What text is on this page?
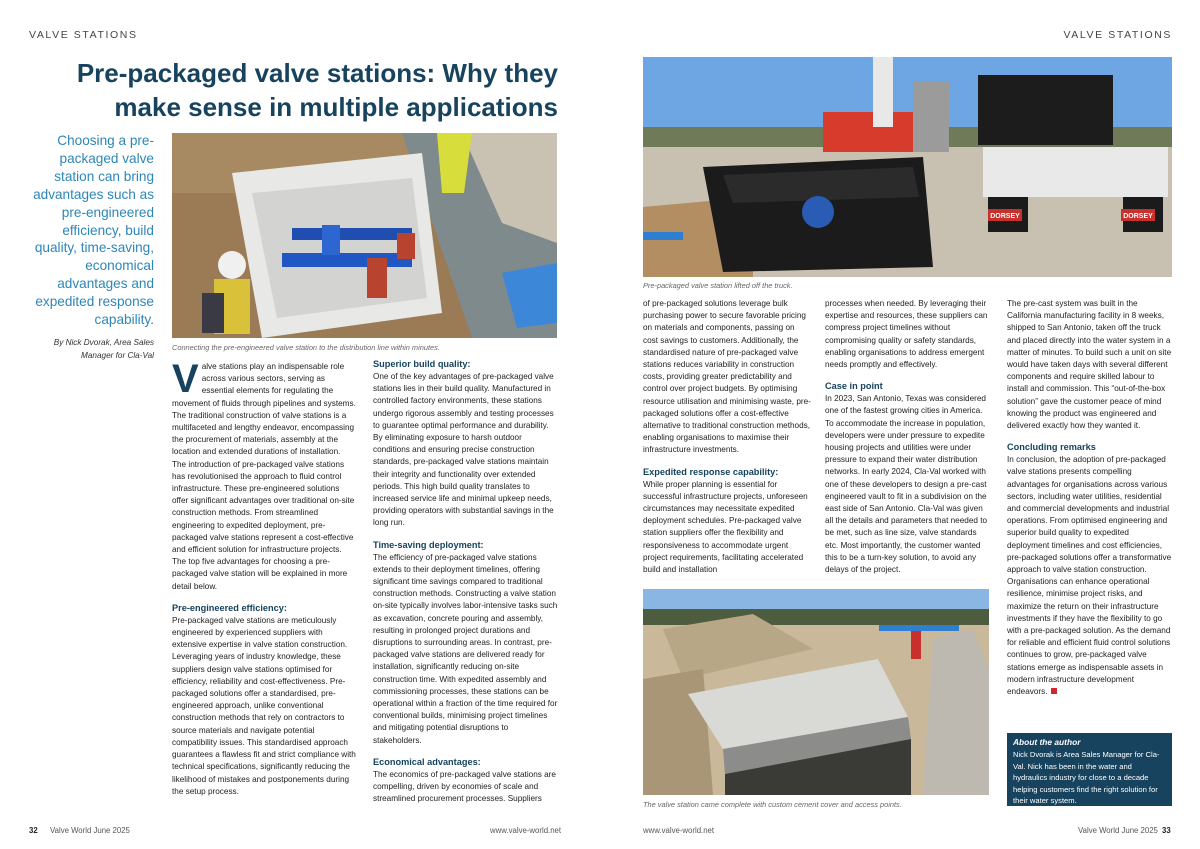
VALVE STATIONS	VALVE STATIONS
Pre-packaged valve stations: Why they make sense in multiple applications
Choosing a pre-packaged valve station can bring advantages such as pre-engineered efficiency, build quality, time-saving, economical advantages and expedited response capability.
By Nick Dvorak, Area Sales Manager for Cla-Val
Connecting the pre-engineered valve station to the distribution line within minutes.
DORSEY	DORSEY
Pre-packaged valve station lifted off the truck.
The valve station came complete with custom cement cover and access points.
V alve stations play an indispensable role across various sectors, serving as essential elements for regulating the movement of fluids through pipelines and systems. The traditional construction of valve stations is a multifaceted and lengthy endeavor, encompassing the procurement of materials, assembly at the location and extended durations of installation.

The introduction of pre-packaged valve stations has revolutionised the approach to fluid control infrastructure. These pre-engineered solutions offer significant advantages over traditional on-site construction methods. From streamlined engineering to expedited deployment, pre-packaged valve stations represent a cost-effective and efficient solution for infrastructure projects. The top five advantages for choosing a pre-packaged valve station will be explained in more detail below.

Pre-engineered efficiency:

Pre-packaged valve stations are meticulously engineered by experienced suppliers with extensive expertise in valve station construction. Leveraging years of industry knowledge, these suppliers design valve stations optimised for efficiency, reliability and cost-effectiveness. Pre-packaged solutions offer a standardised, pre-engineered approach, unlike conventional construction methods that rely on contractors to source materials and navigate potential compatibility issues. This standardised approach guarantees a flawless fit and strict compliance with technical specifications, significantly reducing the likelihood of mistakes and postponements during the setup process.

Superior build quality:

One of the key advantages of pre-packaged valve stations lies in their build quality. Manufactured in controlled factory environments, these stations undergo rigorous assembly and testing processes to guarantee optimal performance and durability. By eliminating exposure to harsh outdoor conditions and ensuring precise construction standards, pre-packaged valve stations maintain their integrity and functionality over extended periods. This high build quality translates to increased service life and minimal upkeep needs, providing operators with substantial savings in the long run.

Time-saving deployment:

The efficiency of pre-packaged valve stations extends to their deployment timelines, offering significant time savings compared to traditional construction methods. Constructing a valve station on-site typically involves labor-intensive tasks such as excavation, concrete pouring and assembly, resulting in prolonged project durations and disruptions to surrounding areas. In contrast, pre-packaged valve stations are delivered ready for installation, significantly reducing on-site construction time. With expedited assembly and commissioning processes, these stations can be operational within a fraction of the time required for conventional builds, minimising project timelines and mitigating potential disruptions to stakeholders.

Economical advantages:

The economics of pre-packaged valve stations are compelling, driven by economies of scale and streamlined procurement processes. Suppliers

of pre-packaged solutions leverage bulk purchasing power to secure favorable pricing on materials and components, passing on cost savings to customers. Additionally, the standardised nature of pre-packaged valve stations reduces variability in construction costs, providing greater predictability and control over project budgets. By optimising resource utilisation and minimising waste, pre-packaged solutions offer a cost-effective alternative to traditional construction methods, enabling organisations to maximise their infrastructure investments.

Expedited response capability:

While proper planning is essential for successful infrastructure projects, unforeseen circumstances may necessitate expedited deployment schedules. Pre-packaged valve station suppliers offer the flexibility and responsiveness to accommodate urgent project requirements, facilitating accelerated build and installation

processes when needed. By leveraging their expertise and resources, these suppliers can compress project timelines without compromising quality or safety standards, enabling organisations to address emergent needs promptly and effectively.

Case in point

In 2023, San Antonio, Texas was considered one of the fastest growing cities in America. To accommodate the increase in population, developers were under pressure to expedite housing projects and utilities were under pressure to expand their water distribution networks. In early 2024, Cla-Val worked with one of these developers to design a pre-cast engineered vault to fit in a subdivision on the east side of San Antonio. Cla-Val was given all the details and parameters that needed to be met, such as line size, valve standards etc. Most importantly, the customer wanted this to be a turn-key solution, to avoid any delays of the project.

The pre-cast system was built in the California manufacturing facility in 8 weeks, shipped to San Antonio, taken off the truck and placed directly into the water system in a matter of minutes. To build such a unit on site would have taken days with several different components and require skilled labour to install and commission. This “out-of-the-box solution” gave the customer peace of mind knowing the product was engineered and delivered exactly how they wanted it.

Concluding remarks

In conclusion, the adoption of pre-packaged valve stations presents compelling advantages for organisations across various sectors, including water utilities, residential and commercial developments and industrial operations. From optimised engineering and superior build quality to expedited deployment timelines and cost efficiencies, pre-packaged solutions offer a transformative approach to valve station construction.

Organisations can enhance operational resilience, minimise project risks, and maximize the return on their infrastructure investments if they have the flexibility to go with a pre-packaged solution. As the demand for reliable and efficient fluid control solutions continues to grow, pre-packaged valve stations emerge as indispensable assets in modern infrastructure development endeavors.

About the author
Nick Dvorak is Area Sales Manager for Cla-Val. Nick has been in the water and hydraulics industry for close to a decade helping customers find the right solution for their water system.
32 Valve World June 2025	www.valve-world.net	www.valve-world.net	Valve World June 2025 33
